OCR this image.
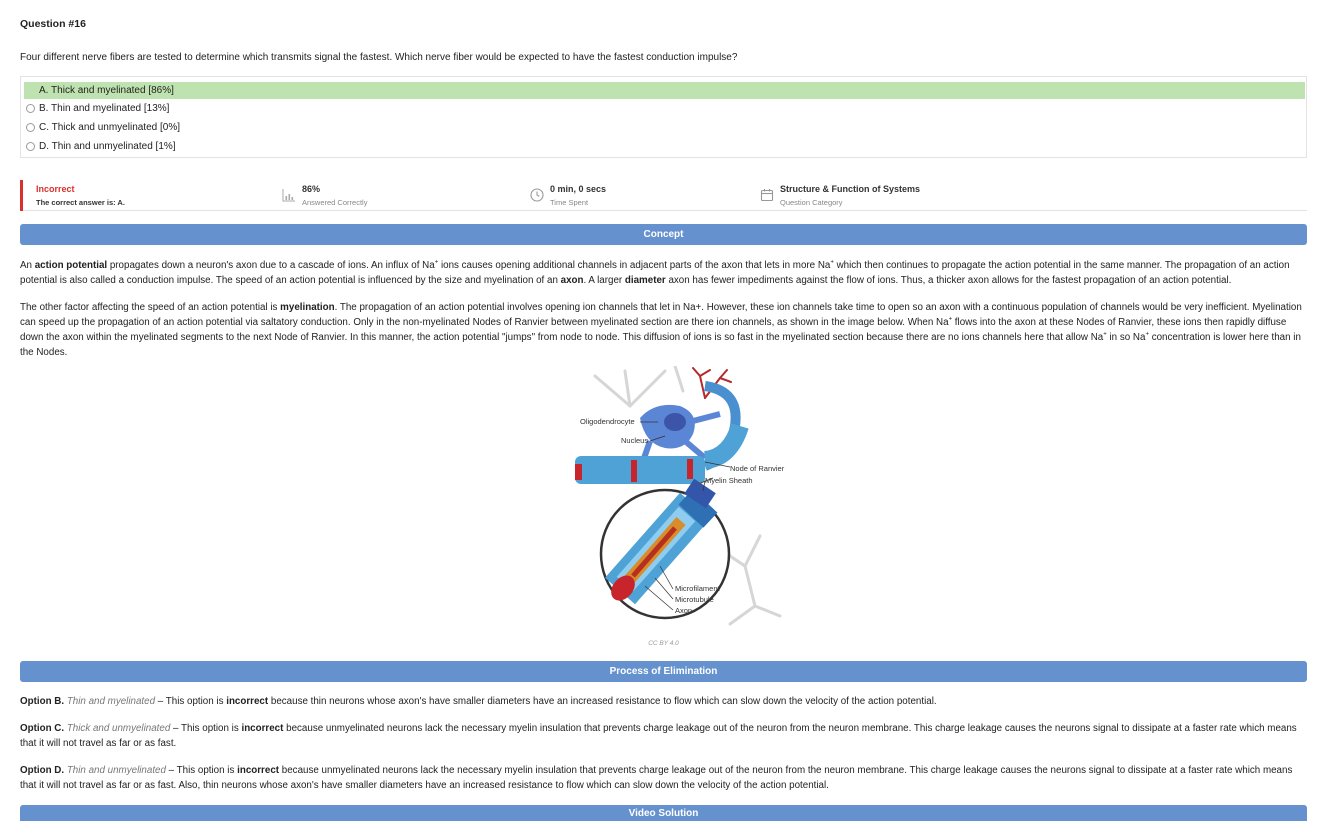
Question #16
Four different nerve fibers are tested to determine which transmits signal the fastest. Which nerve fiber would be expected to have the fastest conduction impulse?
A. Thick and myelinated [86%]
B. Thin and myelinated [13%]
C. Thick and unmyelinated [0%]
D. Thin and unmyelinated [1%]
Incorrect
The correct answer is: A.
86%
Answered Correctly
0 min, 0 secs
Time Spent
Structure & Function of Systems
Question Category
Concept
An action potential propagates down a neuron's axon due to a cascade of ions. An influx of Na+ ions causes opening additional channels in adjacent parts of the axon that lets in more Na+ which then continues to propagate the action potential in the same manner. The propagation of an action potential is also called a conduction impulse. The speed of an action potential is influenced by the size and myelination of an axon. A larger diameter axon has fewer impediments against the flow of ions. Thus, a thicker axon allows for the fastest propagation of an action potential.
The other factor affecting the speed of an action potential is myelination. The propagation of an action potential involves opening ion channels that let in Na+. However, these ion channels take time to open so an axon with a continuous population of channels would be very inefficient. Myelination can speed up the propagation of an action potential via saltatory conduction. Only in the non-myelinated Nodes of Ranvier between myelinated section are there ion channels, as shown in the image below. When Na+ flows into the axon at these Nodes of Ranvier, these ions then rapidly diffuse down the axon within the myelinated segments to the next Node of Ranvier. In this manner, the action potential "jumps" from node to node. This diffusion of ions is so fast in the myelinated section because there are no ions channels here that allow Na+ in so Na+ concentration is lower here than in the Nodes.
Oligodendrocyte
Nucleus
Node of Ranvier
Myelin Sheath
Microfilament
Microtubule
Axon
CC BY 4.0
Process of Elimination
Option B. Thin and myelinated – This option is incorrect because thin neurons whose axon's have smaller diameters have an increased resistance to flow which can slow down the velocity of the action potential.
Option C. Thick and unmyelinated – This option is incorrect because unmyelinated neurons lack the necessary myelin insulation that prevents charge leakage out of the neuron from the neuron membrane. This charge leakage causes the neurons signal to dissipate at a faster rate which means that it will not travel as far or as fast.
Option D. Thin and unmyelinated – This option is incorrect because unmyelinated neurons lack the necessary myelin insulation that prevents charge leakage out of the neuron from the neuron membrane. This charge leakage causes the neurons signal to dissipate at a faster rate which means that it will not travel as far or as fast. Also, thin neurons whose axon's have smaller diameters have an increased resistance to flow which can slow down the velocity of the action potential.
Video Solution
